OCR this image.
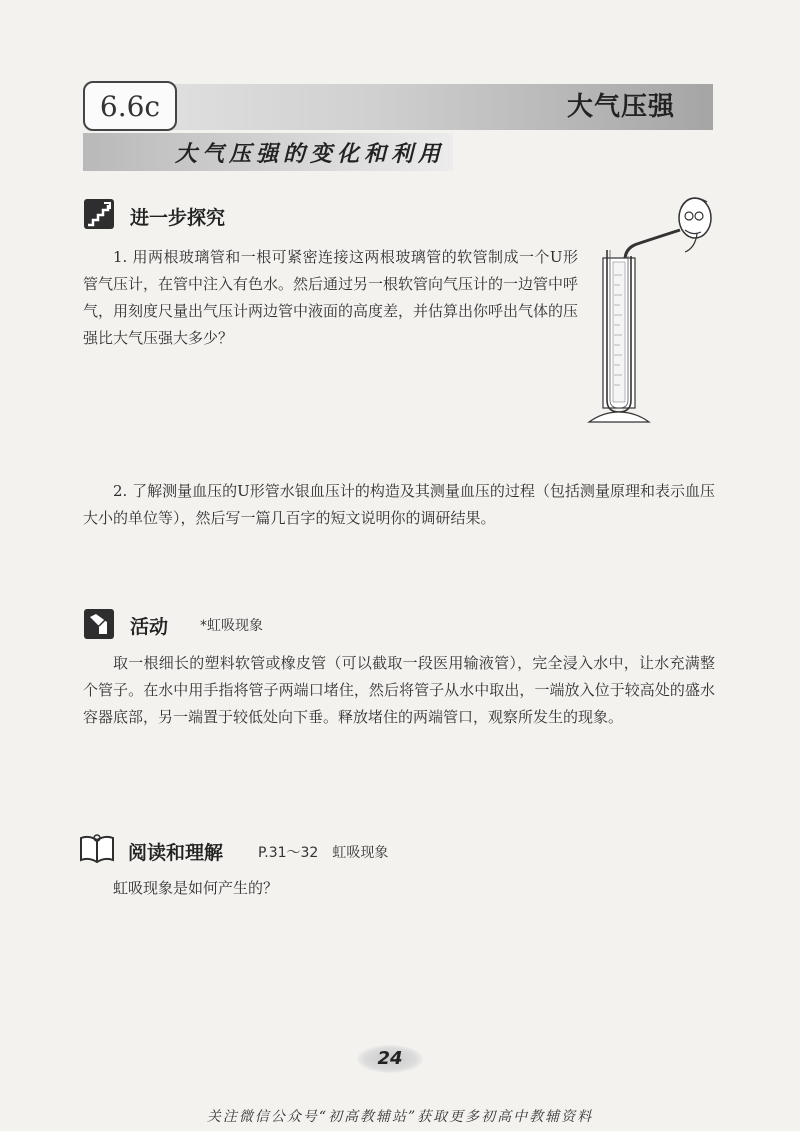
6.6c	大气压强
大气压强的变化和利用
进一步探究
1. 用两根玻璃管和一根可紧密连接这两根玻璃管的软管制成一个U形管气压计，在管中注入有色水。然后通过另一根软管向气压计的一边管中呼气，用刻度尺量出气压计两边管中液面的高度差，并估算出你呼出气体的压强比大气压强大多少？
2. 了解测量血压的U形管水银血压计的构造及其测量血压的过程（包括测量原理和表示血压大小的单位等），然后写一篇几百字的短文说明你的调研结果。
活动 *虹吸现象
取一根细长的塑料软管或橡皮管（可以截取一段医用输液管），完全浸入水中，让水充满整个管子。在水中用手指将管子两端口堵住，然后将管子从水中取出，一端放入位于较高处的盛水容器底部，另一端置于较低处向下垂。释放堵住的两端管口，观察所发生的现象。
阅读和理解 P.31～32　虹吸现象
虹吸现象是如何产生的？
24
关注微信公众号“初高教辅站”获取更多初高中教辅资料
